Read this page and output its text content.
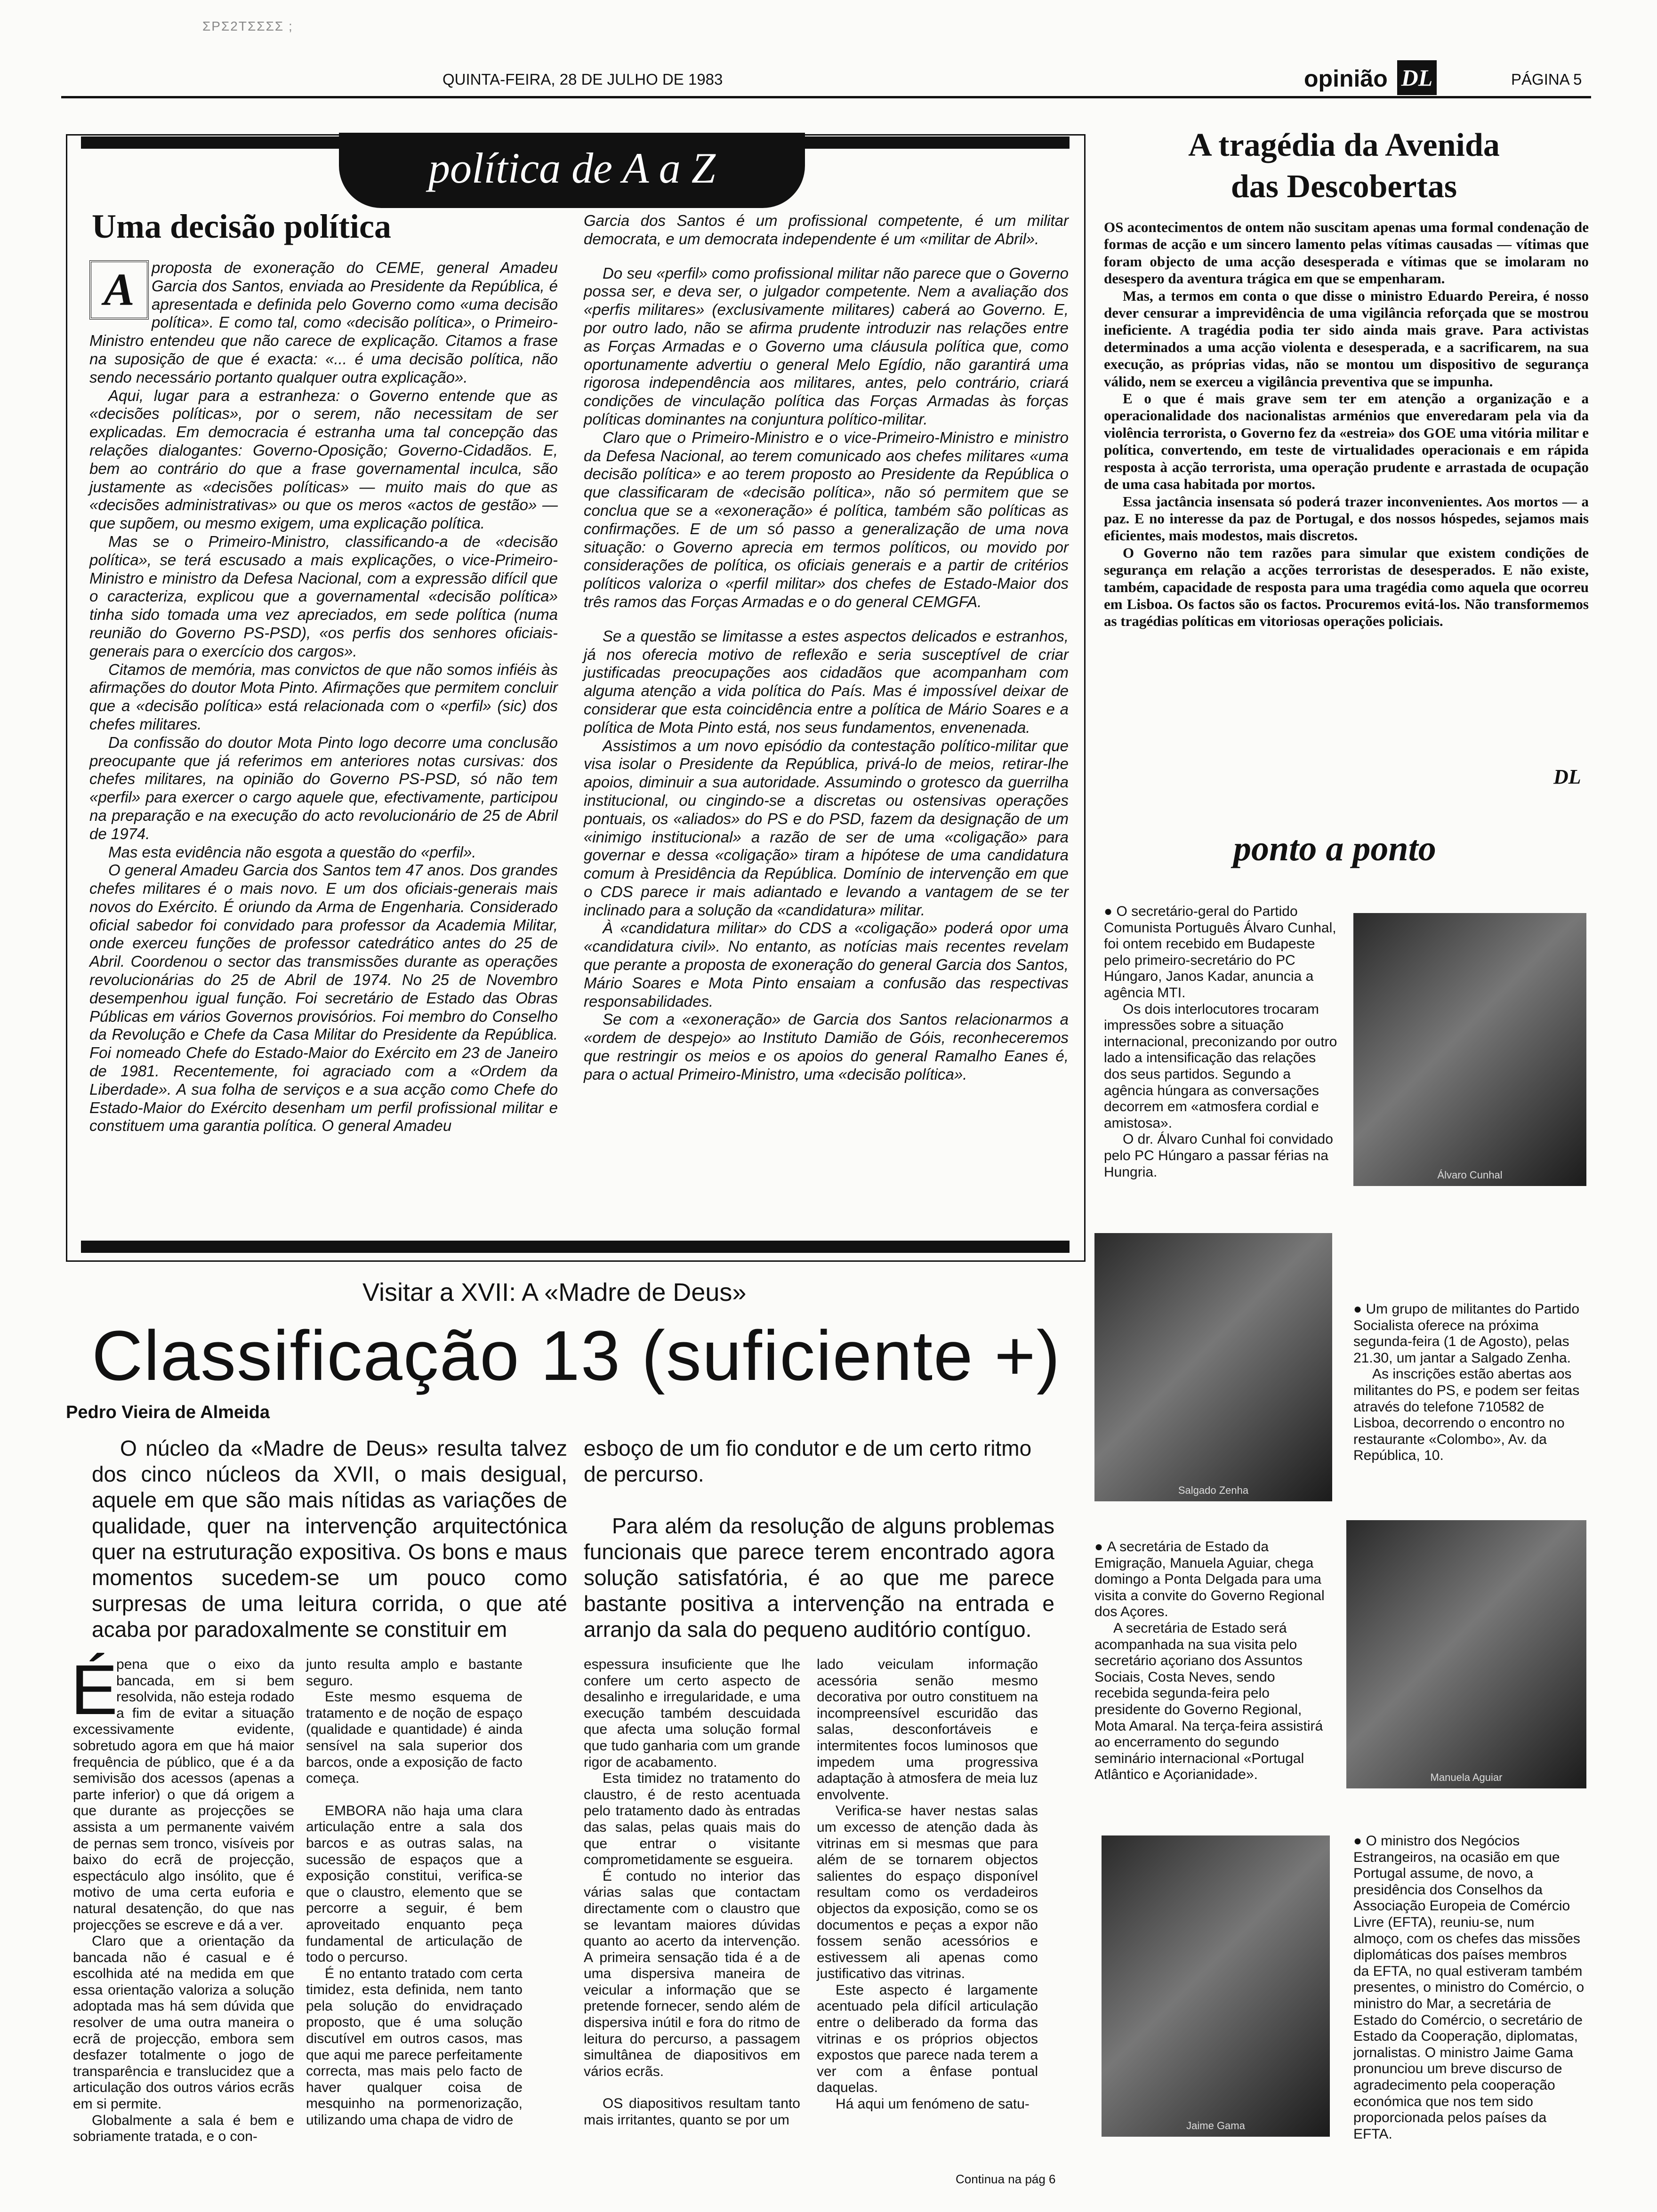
ΣΡΣ2ΤΣΣΣΣ ;
QUINTA-FEIRA, 28 DE JULHO DE 1983	opinião DL	PÁGINA 5
política de A a Z
Uma decisão política
A	proposta de exoneração do CEME, general Amadeu Garcia dos Santos, enviada ao Presidente da República, é apresentada e definida pelo Governo como «uma decisão política». E como tal, como «decisão política», o Primeiro-Ministro entendeu que não carece de explicação. Citamos a frase na suposição de que é exacta: «... é uma decisão política, não sendo necessário portanto qualquer outra explicação».

Aqui, lugar para a estranheza: o Governo entende que as «decisões políticas», por o serem, não necessitam de ser explicadas. Em democracia é estranha uma tal concepção das relações dialogantes: Governo-Oposição; Governo-Cidadãos. E, bem ao contrário do que a frase governamental inculca, são justamente as «decisões políticas» — muito mais do que as «decisões administrativas» ou que os meros «actos de gestão» — que supõem, ou mesmo exigem, uma explicação política.

Mas se o Primeiro-Ministro, classificando-a de «decisão política», se terá escusado a mais explicações, o vice-Primeiro-Ministro e ministro da Defesa Nacional, com a expressão difícil que o caracteriza, explicou que a governamental «decisão política» tinha sido tomada uma vez apreciados, em sede política (numa reunião do Governo PS-PSD), «os perfis dos senhores oficiais-generais para o exercício dos cargos».

Citamos de memória, mas convictos de que não somos infiéis às afirmações do doutor Mota Pinto. Afirmações que permitem concluir que a «decisão política» está relacionada com o «perfil» (sic) dos chefes militares.

Da confissão do doutor Mota Pinto logo decorre uma conclusão preocupante que já referimos em anteriores notas cursivas: dos chefes militares, na opinião do Governo PS-PSD, só não tem «perfil» para exercer o cargo aquele que, efectivamente, participou na preparação e na execução do acto revolucionário de 25 de Abril de 1974.

Mas esta evidência não esgota a questão do «perfil».

O general Amadeu Garcia dos Santos tem 47 anos. Dos grandes chefes militares é o mais novo. E um dos oficiais-generais mais novos do Exército. É oriundo da Arma de Engenharia. Considerado oficial sabedor foi convidado para professor da Academia Militar, onde exerceu funções de professor catedrático antes do 25 de Abril. Coordenou o sector das transmissões durante as operações revolucionárias do 25 de Abril de 1974. No 25 de Novembro desempenhou igual função. Foi secretário de Estado das Obras Públicas em vários Governos provisórios. Foi membro do Conselho da Revolução e Chefe da Casa Militar do Presidente da República. Foi nomeado Chefe do Estado-Maior do Exército em 23 de Janeiro de 1981. Recentemente, foi agraciado com a «Ordem da Liberdade». A sua folha de serviços e a sua acção como Chefe do Estado-Maior do Exército desenham um perfil profissional militar e constituem uma garantia política. O general Amadeu

Garcia dos Santos é um profissional competente, é um militar democrata, e um democrata independente é um «militar de Abril».

Do seu «perfil» como profissional militar não parece que o Governo possa ser, e deva ser, o julgador competente. Nem a avaliação dos «perfis militares» (exclusivamente militares) caberá ao Governo. E, por outro lado, não se afirma prudente introduzir nas relações entre as Forças Armadas e o Governo uma cláusula política que, como oportunamente advertiu o general Melo Egídio, não garantirá uma rigorosa independência aos militares, antes, pelo contrário, criará condições de vinculação política das Forças Armadas às forças políticas dominantes na conjuntura político-militar.

Claro que o Primeiro-Ministro e o vice-Primeiro-Ministro e ministro da Defesa Nacional, ao terem comunicado aos chefes militares «uma decisão política» e ao terem proposto ao Presidente da República o que classificaram de «decisão política», não só permitem que se conclua que se a «exoneração» é política, também são políticas as confirmações. E de um só passo a generalização de uma nova situação: o Governo aprecia em termos políticos, ou movido por considerações de política, os oficiais generais e a partir de critérios políticos valoriza o «perfil militar» dos chefes de Estado-Maior dos três ramos das Forças Armadas e o do general CEMGFA.

Se a questão se limitasse a estes aspectos delicados e estranhos, já nos oferecia motivo de reflexão e seria susceptível de criar justificadas preocupações aos cidadãos que acompanham com alguma atenção a vida política do País. Mas é impossível deixar de considerar que esta coincidência entre a política de Mário Soares e a política de Mota Pinto está, nos seus fundamentos, envenenada.

Assistimos a um novo episódio da contestação político-militar que visa isolar o Presidente da República, privá-lo de meios, retirar-lhe apoios, diminuir a sua autoridade. Assumindo o grotesco da guerrilha institucional, ou cingindo-se a discretas ou ostensivas operações pontuais, os «aliados» do PS e do PSD, fazem da designação de um «inimigo institucional» a razão de ser de uma «coligação» para governar e dessa «coligação» tiram a hipótese de uma candidatura comum à Presidência da República. Domínio de intervenção em que o CDS parece ir mais adiantado e levando a vantagem de se ter inclinado para a solução da «candidatura» militar.

À «candidatura militar» do CDS a «coligação» poderá opor uma «candidatura civil». No entanto, as notícias mais recentes revelam que perante a proposta de exoneração do general Garcia dos Santos, Mário Soares e Mota Pinto ensaiam a confusão das respectivas responsabilidades.

Se com a «exoneração» de Garcia dos Santos relacionarmos a «ordem de despejo» ao Instituto Damião de Góis, reconheceremos que restringir os meios e os apoios do general Ramalho Eanes é, para o actual Primeiro-Ministro, uma «decisão política».

A tragédia da Avenida
das Descobertas

OS acontecimentos de ontem não suscitam apenas uma formal condenação de formas de acção e um sincero lamento pelas vítimas causadas — vítimas que foram objecto de uma acção desesperada e vítimas que se imolaram no desespero da aventura trágica em que se empenharam.

Mas, a termos em conta o que disse o ministro Eduardo Pereira, é nosso dever censurar a imprevidência de uma vigilância reforçada que se mostrou ineficiente. A tragédia podia ter sido ainda mais grave. Para activistas determinados a uma acção violenta e desesperada, e a sacrificarem, na sua execução, as próprias vidas, não se montou um dispositivo de segurança válido, nem se exerceu a vigilância preventiva que se impunha.

E o que é mais grave sem ter em atenção a organização e a operacionalidade dos nacionalistas arménios que enveredaram pela via da violência terrorista, o Governo fez da «estreia» dos GOE uma vitória militar e política, convertendo, em teste de virtualidades operacionais e em rápida resposta à acção terrorista, uma operação prudente e arrastada de ocupação de uma casa habitada por mortos.

Essa jactância insensata só poderá trazer inconvenientes. Aos mortos — a paz. E no interesse da paz de Portugal, e dos nossos hóspedes, sejamos mais eficientes, mais modestos, mais discretos.

O Governo não tem razões para simular que existem condições de segurança em relação a acções terroristas de desesperados. E não existe, também, capacidade de resposta para uma tragédia como aquela que ocorreu em Lisboa. Os factos são os factos. Procuremos evitá-los. Não transformemos as tragédias políticas em vitoriosas operações policiais.

DL
ponto a ponto

● O secretário-geral do Partido Comunista Português Álvaro Cunhal, foi ontem recebido em Budapeste pelo primeiro-secretário do PC Húngaro, Janos Kadar, anuncia a agência MTI.

Os dois interlocutores trocaram impressões sobre a situação internacional, preconizando por outro lado a intensificação das relações dos seus partidos. Segundo a agência húngara as conversações decorrem em «atmosfera cordial e amistosa».

O dr. Álvaro Cunhal foi convidado pelo PC Húngaro a passar férias na Hungria.	Álvaro Cunhal
Salgado Zenha

● Um grupo de militantes do Partido Socialista oferece na próxima segunda-feira (1 de Agosto), pelas 21.30, um jantar a Salgado Zenha.

As inscrições estão abertas aos militantes do PS, e podem ser feitas através do telefone 710582 de Lisboa, decorrendo o encontro no restaurante «Colombo», Av. da República, 10.

● A secretária de Estado da Emigração, Manuela Aguiar, chega domingo a Ponta Delgada para uma visita a convite do Governo Regional dos Açores.

A secretária de Estado será acompanhada na sua visita pelo secretário açoriano dos Assuntos Sociais, Costa Neves, sendo recebida segunda-feira pelo presidente do Governo Regional, Mota Amaral. Na terça-feira assistirá ao encerramento do segundo seminário internacional «Portugal Atlântico e Açorianidade».	Manuela Aguiar
Jaime Gama

● O ministro dos Negócios Estrangeiros, na ocasião em que Portugal assume, de novo, a presidência dos Conselhos da Associação Europeia de Comércio Livre (EFTA), reuniu-se, num almoço, com os chefes das missões diplomáticas dos países membros da EFTA, no qual estiveram também presentes, o ministro do Comércio, o ministro do Mar, a secretária de Estado do Comércio, o secretário de Estado da Cooperação, diplomatas, jornalistas. O ministro Jaime Gama pronunciou um breve discurso de agradecimento pela cooperação económica que nos tem sido proporcionada pelos países da EFTA.

Visitar a XVII: A «Madre de Deus»
Classificação 13 (suficiente +)
Pedro Vieira de Almeida
O núcleo da «Madre de Deus» resulta talvez dos cinco núcleos da XVII, o mais desigual, aquele em que são mais nítidas as variações de qualidade, quer na intervenção arquitectónica quer na estruturação expositiva. Os bons e maus momentos sucedem-se um pouco como surpresas de uma leitura corrida, o que até acaba por paradoxalmente se constituir em

esboço de um fio condutor e de um certo ritmo de percurso.

Para além da resolução de alguns problemas funcionais que parece terem encontrado agora solução satisfatória, é ao que me parece bastante positiva a intervenção na entrada e arranjo da sala do pequeno auditório contíguo.

É

pena que o eixo da bancada, em si bem resolvida, não esteja rodado a fim de evitar a situação excessivamente evidente, sobretudo agora em que há maior frequência de público, que é a da semivisão dos acessos (apenas a parte inferior) o que dá origem a que durante as projecções se assista a um permanente vaivém de pernas sem tronco, visíveis por baixo do ecrã de projecção, espectáculo algo insólito, que é motivo de uma certa euforia e natural desatenção, do que nas projecções se escreve e dá a ver.

Claro que a orientação da bancada não é casual e é escolhida até na medida em que essa orientação valoriza a solução adoptada mas há sem dúvida que resolver de uma outra maneira o ecrã de projecção, embora sem desfazer totalmente o jogo de transparência e translucidez que a articulação dos outros vários ecrãs em si permite.

Globalmente a sala é bem e sobriamente tratada, e o con-

junto resulta amplo e bastante seguro.

Este mesmo esquema de tratamento e de noção de espaço (qualidade e quantidade) é ainda sensível na sala superior dos barcos, onde a exposição de facto começa.

EMBORA não haja uma clara articulação entre a sala dos barcos e as outras salas, na sucessão de espaços que a exposição constitui, verifica-se que o claustro, elemento que se percorre a seguir, é bem aproveitado enquanto peça fundamental de articulação de todo o percurso.

É no entanto tratado com certa timidez, esta definida, nem tanto pela solução do envidraçado proposto, que é uma solução discutível em outros casos, mas que aqui me parece perfeitamente correcta, mas mais pelo facto de haver qualquer coisa de mesquinho na pormenorização, utilizando uma chapa de vidro de

espessura insuficiente que lhe confere um certo aspecto de desalinho e irregularidade, e uma execução também descuidada que afecta uma solução formal que tudo ganharia com um grande rigor de acabamento.

Esta timidez no tratamento do claustro, é de resto acentuada pelo tratamento dado às entradas das salas, pelas quais mais do que entrar o visitante comprometidamente se esgueira.

É contudo no interior das várias salas que contactam directamente com o claustro que se levantam maiores dúvidas quanto ao acerto da intervenção. A primeira sensação tida é a de uma dispersiva maneira de veicular a informação que se pretende fornecer, sendo além de dispersiva inútil e fora do ritmo de leitura do percurso, a passagem simultânea de diapositivos em vários ecrãs.

OS diapositivos resultam tanto mais irritantes, quanto se por um

lado veiculam informação acessória senão mesmo decorativa por outro constituem na incompreensível escuridão das salas, desconfortáveis e intermitentes focos luminosos que impedem uma progressiva adaptação à atmosfera de meia luz envolvente.

Verifica-se haver nestas salas um excesso de atenção dada às vitrinas em si mesmas que para além de se tornarem objectos salientes do espaço disponível resultam como os verdadeiros objectos da exposição, como se os documentos e peças a expor não fossem senão acessórios e estivessem ali apenas como justificativo das vitrinas.

Este aspecto é largamente acentuado pela difícil articulação entre o deliberado da forma das vitrinas e os próprios objectos expostos que parece nada terem a ver com a ênfase pontual daquelas.

Há aqui um fenómeno de satu-

Continua na pág 6
